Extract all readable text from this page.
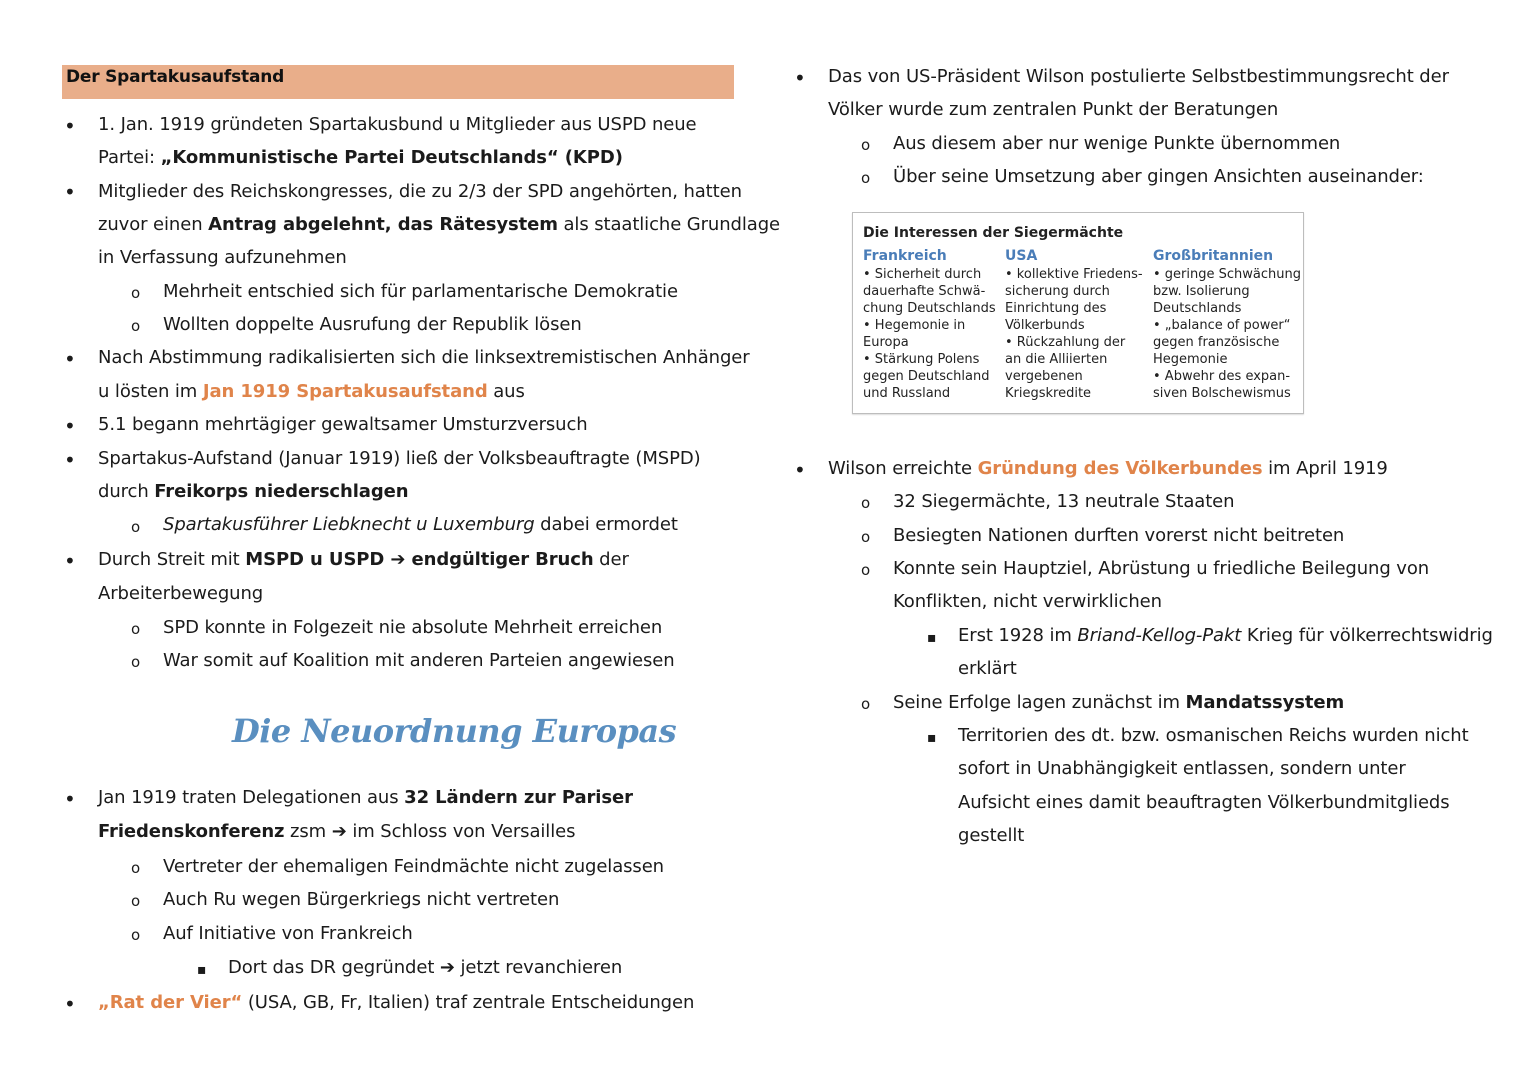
Der Spartakusaufstand
•
1. Jan. 1919 gründeten Spartakusbund u Mitglieder aus USPD neue
Partei: „Kommunistische Partei Deutschlands“ (KPD)
•
Mitglieder des Reichskongresses, die zu 2/3 der SPD angehörten, hatten
zuvor einen Antrag abgelehnt, das Rätesystem als staatliche Grundlage
in Verfassung aufzunehmen
o
Mehrheit entschied sich für parlamentarische Demokratie
o
Wollten doppelte Ausrufung der Republik lösen
•
Nach Abstimmung radikalisierten sich die linksextremistischen Anhänger
u lösten im Jan 1919 Spartakusaufstand aus
•
5.1 begann mehrtägiger gewaltsamer Umsturzversuch
•
Spartakus-Aufstand (Januar 1919) ließ der Volksbeauftragte (MSPD)
durch Freikorps niederschlagen
o
Spartakusführer Liebknecht u Luxemburg dabei ermordet
•
Durch Streit mit MSPD u USPD ➔ endgültiger Bruch der
Arbeiterbewegung
o
SPD konnte in Folgezeit nie absolute Mehrheit erreichen
o
War somit auf Koalition mit anderen Parteien angewiesen
Die Neuordnung Europas
•
Jan 1919 traten Delegationen aus 32 Ländern zur Pariser
Friedenskonferenz zsm ➔ im Schloss von Versailles
o
Vertreter der ehemaligen Feindmächte nicht zugelassen
o
Auch Ru wegen Bürgerkriegs nicht vertreten
o
Auf Initiative von Frankreich
▪
Dort das DR gegründet ➔ jetzt revanchieren
•
„Rat der Vier“ (USA, GB, Fr, Italien) traf zentrale Entscheidungen
•
Das von US-Präsident Wilson postulierte Selbstbestimmungsrecht der
Völker wurde zum zentralen Punkt der Beratungen
o
Aus diesem aber nur wenige Punkte übernommen
o
Über seine Umsetzung aber gingen Ansichten auseinander:
Die Interessen der Siegermächte
Frankreich	USA	Großbritannien
• Sicherheit durch
dauerhafte Schwä-
chung Deutschlands
• Hegemonie in
Europa
• Stärkung Polens
gegen Deutschland
und Russland
• kollektive Friedens-
sicherung durch
Einrichtung des
Völkerbunds
• Rückzahlung der
an die Alliierten
vergebenen
Kriegskredite
• geringe Schwächung
bzw. Isolierung
Deutschlands
• „balance of power“
gegen französische
Hegemonie
• Abwehr des expan-
siven Bolschewismus
•
Wilson erreichte Gründung des Völkerbundes im April 1919
o
32 Siegermächte, 13 neutrale Staaten
o
Besiegten Nationen durften vorerst nicht beitreten
o
Konnte sein Hauptziel, Abrüstung u friedliche Beilegung von
Konflikten, nicht verwirklichen
▪
Erst 1928 im Briand-Kellog-Pakt Krieg für völkerrechtswidrig
erklärt
o
Seine Erfolge lagen zunächst im Mandatssystem
▪
Territorien des dt. bzw. osmanischen Reichs wurden nicht
sofort in Unabhängigkeit entlassen, sondern unter
Aufsicht eines damit beauftragten Völkerbundmitglieds
gestellt
